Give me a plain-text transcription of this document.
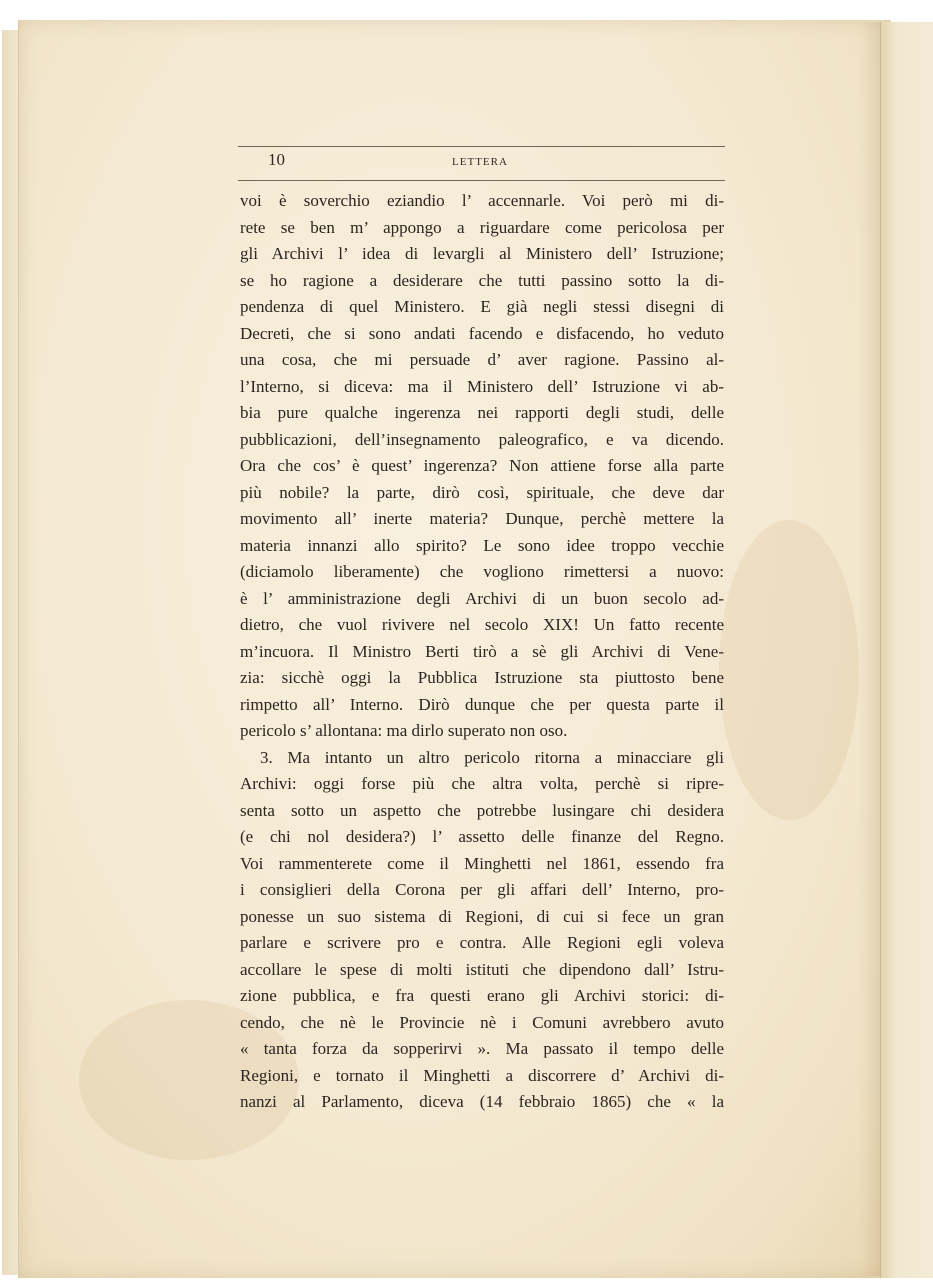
10	LETTERA
voi è soverchio eziandio l’ accennarle. Voi però mi di-
rete se ben m’ appongo a riguardare come pericolosa per
gli Archivi l’ idea di levargli al Ministero dell’ Istruzione;
se ho ragione a desiderare che tutti passino sotto la di-
pendenza di quel Ministero. E già negli stessi disegni di
Decreti, che si sono andati facendo e disfacendo, ho veduto
una cosa, che mi persuade d’ aver ragione. Passino al-
l’Interno, si diceva: ma il Ministero dell’ Istruzione vi ab-
bia pure qualche ingerenza nei rapporti degli studi, delle
pubblicazioni, dell’insegnamento paleografico, e va dicendo.
Ora che cos’ è quest’ ingerenza? Non attiene forse alla parte
più nobile? la parte, dirò così, spirituale, che deve dar
movimento all’ inerte materia? Dunque, perchè mettere la
materia innanzi allo spirito? Le sono idee troppo vecchie
(diciamolo liberamente) che vogliono rimettersi a nuovo:
è l’ amministrazione degli Archivi di un buon secolo ad-
dietro, che vuol rivivere nel secolo XIX! Un fatto recente
m’incuora. Il Ministro Berti tirò a sè gli Archivi di Vene-
zia: sicchè oggi la Pubblica Istruzione sta piuttosto bene
rimpetto all’ Interno. Dirò dunque che per questa parte il
pericolo s’ allontana: ma dirlo superato non oso.
3. Ma intanto un altro pericolo ritorna a minacciare gli
Archivi: oggi forse più che altra volta, perchè si ripre-
senta sotto un aspetto che potrebbe lusingare chi desidera
(e chi nol desidera?) l’ assetto delle finanze del Regno.
Voi rammenterete come il Minghetti nel 1861, essendo fra
i consiglieri della Corona per gli affari dell’ Interno, pro-
ponesse un suo sistema di Regioni, di cui si fece un gran
parlare e scrivere pro e contra. Alle Regioni egli voleva
accollare le spese di molti istituti che dipendono dall’ Istru-
zione pubblica, e fra questi erano gli Archivi storici: di-
cendo, che nè le Provincie nè i Comuni avrebbero avuto
« tanta forza da sopperirvi ». Ma passato il tempo delle
Regioni, e tornato il Minghetti a discorrere d’ Archivi di-
nanzi al Parlamento, diceva (14 febbraio 1865) che « la
